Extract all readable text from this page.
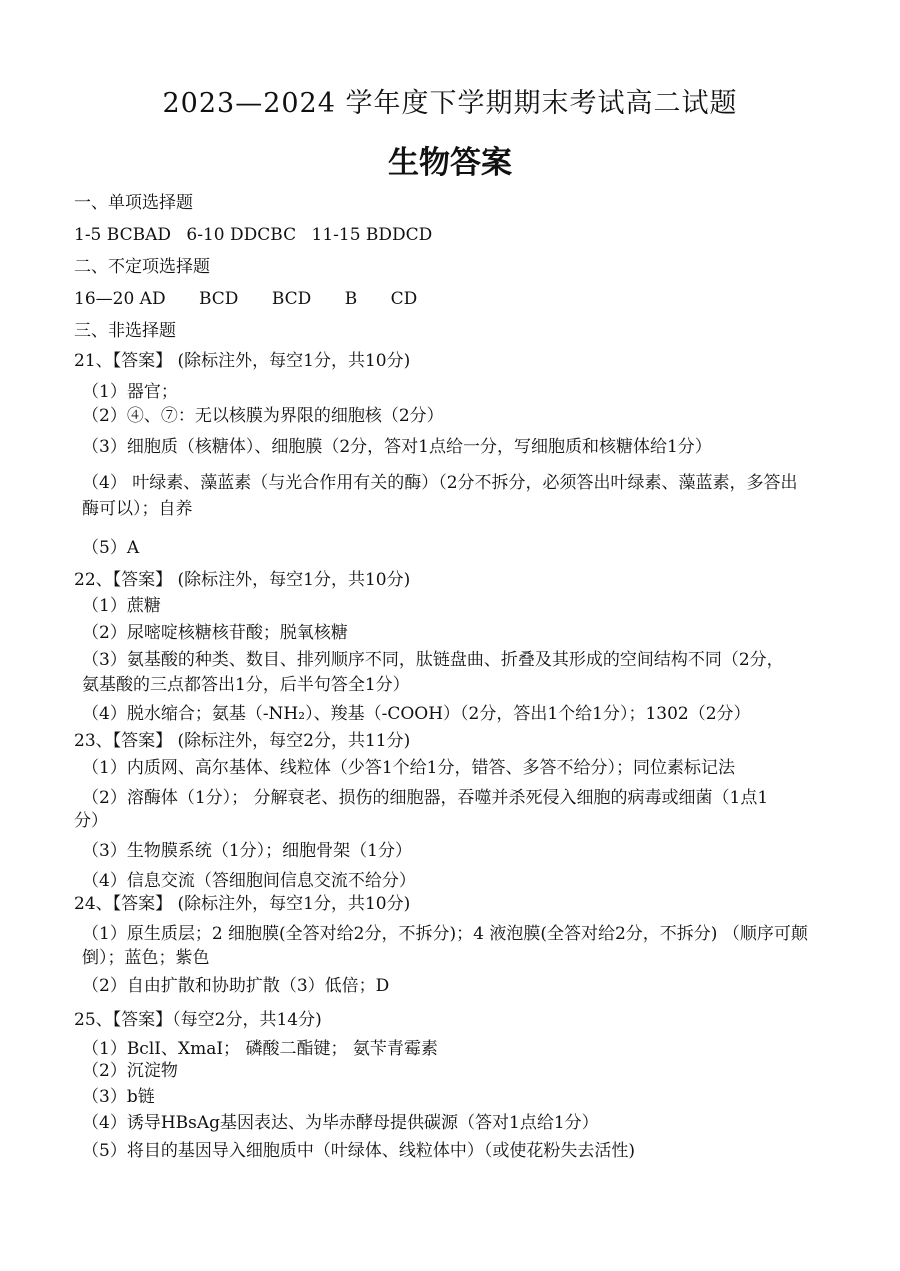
2023—2024 学年度下学期期末考试高二试题
生物答案
一、单项选择题
1-5 BCBAD 6-10 DDCBC 11-15 BDDCD
二、不定项选择题
16—20 AD BCD BCD B CD
三、非选择题
21、【答案】 (除标注外，每空1分，共10分)
（1）器官；
（2）④、⑦：无以核膜为界限的细胞核（2分）
（3）细胞质（核糖体）、细胞膜（2分，答对1点给一分，写细胞质和核糖体给1分）
（4） 叶绿素、藻蓝素（与光合作用有关的酶）（2分不拆分，必须答出叶绿素、藻蓝素，多答出
酶可以）；自养
（5）A
22、【答案】 (除标注外，每空1分，共10分)
（1）蔗糖
（2）尿嘧啶核糖核苷酸；脱氧核糖
（3）氨基酸的种类、数目、排列顺序不同，肽链盘曲、折叠及其形成的空间结构不同（2分，
氨基酸的三点都答出1分，后半句答全1分）
（4）脱水缩合；氨基（-NH₂）、羧基（-COOH）（2分，答出1个给1分）；1302（2分）
23、【答案】 (除标注外，每空2分，共11分)
（1）内质网、高尔基体、线粒体（少答1个给1分，错答、多答不给分）；同位素标记法
（2）溶酶体（1分）； 分解衰老、损伤的细胞器，吞噬并杀死侵入细胞的病毒或细菌（1点1
分）
（3）生物膜系统（1分）；细胞骨架（1分）
（4）信息交流（答细胞间信息交流不给分）
24、【答案】 (除标注外，每空1分，共10分)
（1）原生质层；2 细胞膜(全答对给2分，不拆分)；4 液泡膜(全答对给2分，不拆分) （顺序可颠
倒）；蓝色；紫色
（2）自由扩散和协助扩散（3）低倍；D
25、【答案】（每空2分，共14分)
（1）BclⅠ、XmaⅠ； 磷酸二酯键； 氨苄青霉素
（2）沉淀物
（3）b链
（4）诱导HBsAg基因表达、为毕赤酵母提供碳源（答对1点给1分）
（5）将目的基因导入细胞质中（叶绿体、线粒体中）（或使花粉失去活性)
